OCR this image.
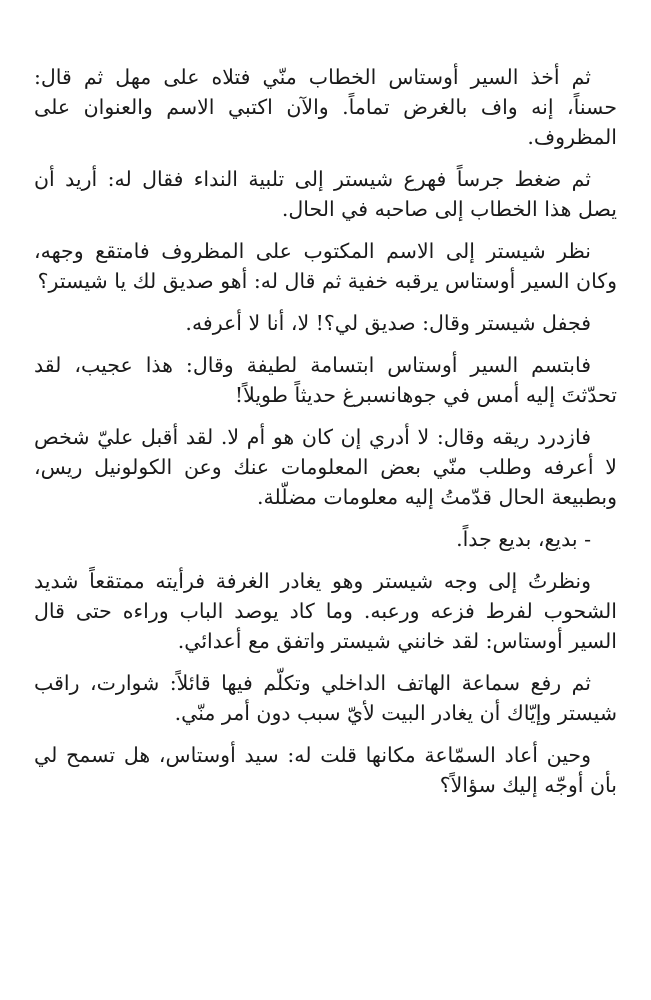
ثم أخذ السير أوستاس الخطاب منّي فتلاه على مهل ثم قال: حسناً، إنه واف بالغرض تماماً. والآن اكتبي الاسم والعنوان على المظروف.

ثم ضغط جرساً فهرع شيستر إلى تلبية النداء فقال له: أريد أن يصل هذا الخطاب إلى صاحبه في الحال.

نظر شيستر إلى الاسم المكتوب على المظروف فامتقع وجهه، وكان السير أوستاس يرقبه خفية ثم قال له: أهو صديق لك يا شيستر؟

فجفل شيستر وقال: صديق لي؟! لا، أنا لا أعرفه.

فابتسم السير أوستاس ابتسامة لطيفة وقال: هذا عجيب، لقد تحدّثتَ إليه أمس في جوهانسبرغ حديثاً طويلاً!

فازدرد ريقه وقال: لا أدري إن كان هو أم لا. لقد أقبل عليّ شخص لا أعرفه وطلب منّي بعض المعلومات عنك وعن الكولونيل ريس، وبطبيعة الحال قدّمتُ إليه معلومات مضلّلة.

- بديع، بديع جداً.

ونظرتُ إلى وجه شيستر وهو يغادر الغرفة فرأيته ممتقعاً شديد الشحوب لفرط فزعه ورعبه. وما كاد يوصد الباب وراءه حتى قال السير أوستاس: لقد خانني شيستر واتفق مع أعدائي.

ثم رفع سماعة الهاتف الداخلي وتكلّم فيها قائلاً: شوارت، راقب شيستر وإيّاك أن يغادر البيت لأيّ سبب دون أمر منّي.

وحين أعاد السمّاعة مكانها قلت له: سيد أوستاس، هل تسمح لي بأن أوجّه إليك سؤالاً؟
